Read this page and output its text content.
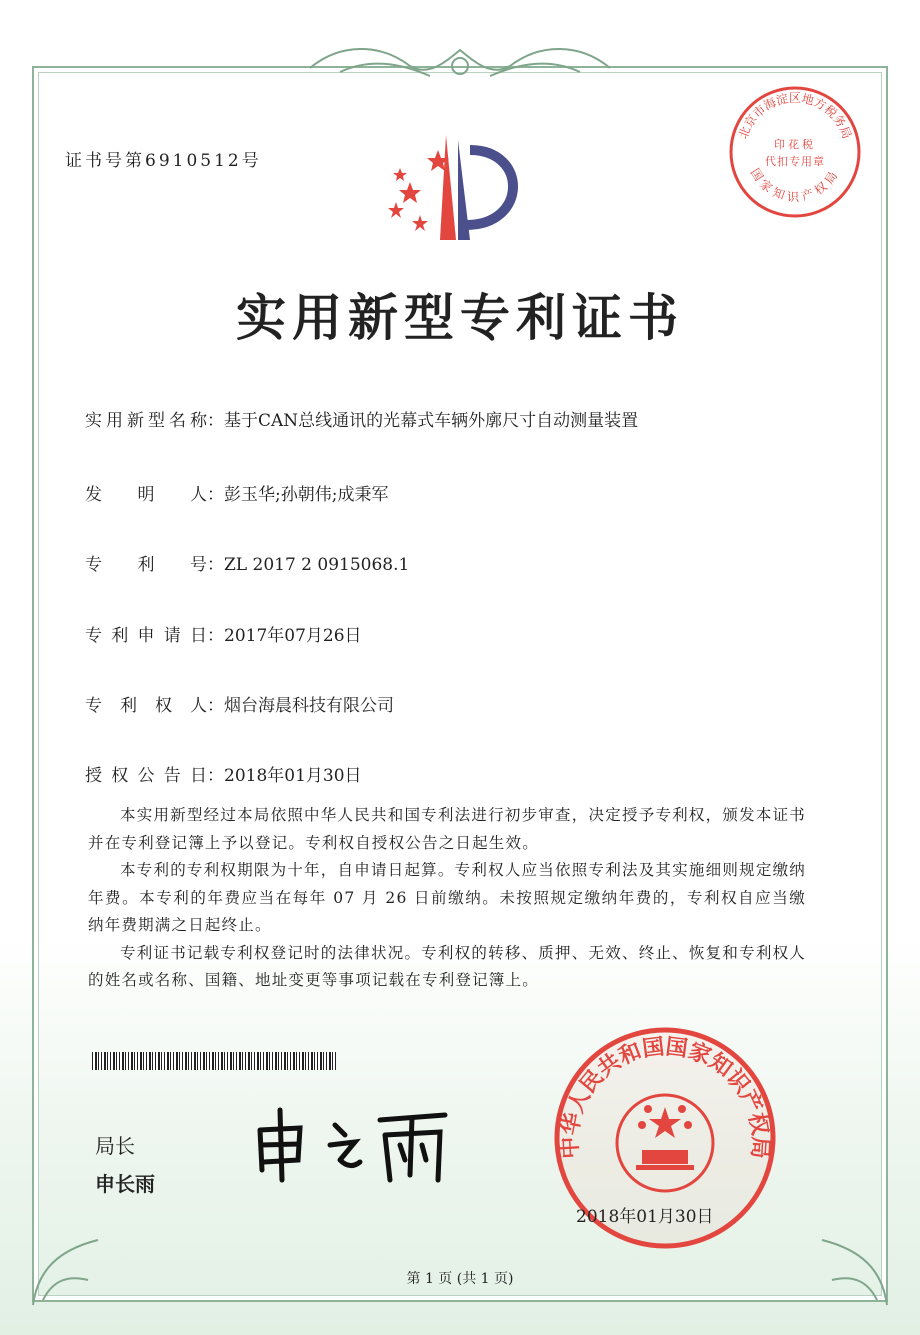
证书号第6910512号
北京市海淀区地方税务局
国家知识产权局
印花税
代扣专用章
实用新型专利证书
实用新型名称：基于CAN总线通讯的光幕式车辆外廓尺寸自动测量装置
发明人：彭玉华;孙朝伟;成秉军
专利号：ZL 2017 2 0915068.1
专利申请日：2017年07月26日
专利权人：烟台海晨科技有限公司
授权公告日：2018年01月30日

本实用新型经过本局依照中华人民共和国专利法进行初步审查，决定授予专利权，颁发本证书并在专利登记簿上予以登记。专利权自授权公告之日起生效。

本专利的专利权期限为十年，自申请日起算。专利权人应当依照专利法及其实施细则规定缴纳年费。本专利的年费应当在每年 07 月 26 日前缴纳。未按照规定缴纳年费的，专利权自应当缴纳年费期满之日起终止。

专利证书记载专利权登记时的法律状况。专利权的转移、质押、无效、终止、恢复和专利权人的姓名或名称、国籍、地址变更等事项记载在专利登记簿上。

局长
申长雨
中华人民共和国国家知识产权局
2018年01月30日
第 1 页 (共 1 页)
